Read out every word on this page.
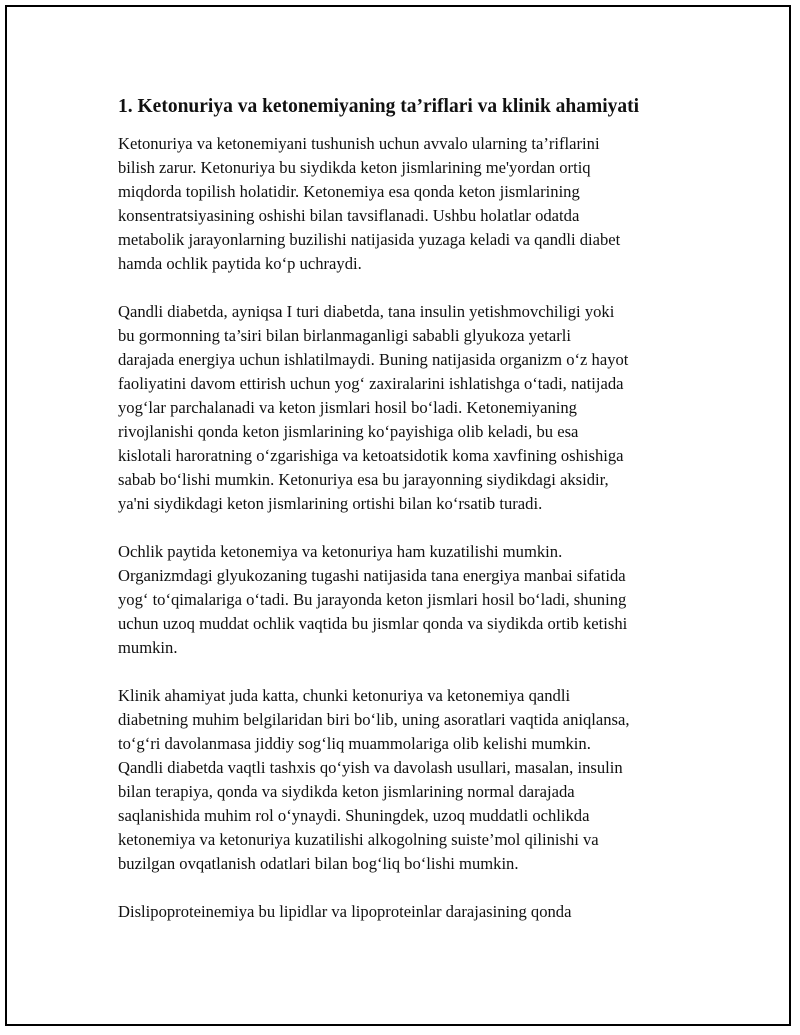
1. Ketonuriya va ketonemiyaning ta’riflari va klinik ahamiyati

Ketonuriya va ketonemiyani tushunish uchun avvalo ularning ta’riflarini
bilish zarur. Ketonuriya bu siydikda keton jismlarining me'yordan ortiq
miqdorda topilish holatidir. Ketonemiya esa qonda keton jismlarining
konsentratsiyasining oshishi bilan tavsiflanadi. Ushbu holatlar odatda
metabolik jarayonlarning buzilishi natijasida yuzaga keladi va qandli diabet
hamda ochlik paytida ko‘p uchraydi.

Qandli diabetda, ayniqsa I turi diabetda, tana insulin yetishmovchiligi yoki
bu gormonning ta’siri bilan birlanmaganligi sababli glyukoza yetarli
darajada energiya uchun ishlatilmaydi. Buning natijasida organizm o‘z hayot
faoliyatini davom ettirish uchun yog‘ zaxiralarini ishlatishga o‘tadi, natijada
yog‘lar parchalanadi va keton jismlari hosil bo‘ladi. Ketonemiyaning
rivojlanishi qonda keton jismlarining ko‘payishiga olib keladi, bu esa
kislotali haroratning o‘zgarishiga va ketoatsidotik koma xavfining oshishiga
sabab bo‘lishi mumkin. Ketonuriya esa bu jarayonning siydikdagi aksidir,
ya'ni siydikdagi keton jismlarining ortishi bilan ko‘rsatib turadi.

Ochlik paytida ketonemiya va ketonuriya ham kuzatilishi mumkin.
Organizmdagi glyukozaning tugashi natijasida tana energiya manbai sifatida
yog‘ to‘qimalariga o‘tadi. Bu jarayonda keton jismlari hosil bo‘ladi, shuning
uchun uzoq muddat ochlik vaqtida bu jismlar qonda va siydikda ortib ketishi
mumkin.

Klinik ahamiyat juda katta, chunki ketonuriya va ketonemiya qandli
diabetning muhim belgilaridan biri bo‘lib, uning asoratlari vaqtida aniqlansa,
to‘g‘ri davolanmasa jiddiy sog‘liq muammolariga olib kelishi mumkin.
Qandli diabetda vaqtli tashxis qo‘yish va davolash usullari, masalan, insulin
bilan terapiya, qonda va siydikda keton jismlarining normal darajada
saqlanishida muhim rol o‘ynaydi. Shuningdek, uzoq muddatli ochlikda
ketonemiya va ketonuriya kuzatilishi alkogolning suiste’mol qilinishi va
buzilgan ovqatlanish odatlari bilan bog‘liq bo‘lishi mumkin.

Dislipoproteinemiya bu lipidlar va lipoproteinlar darajasining qonda
